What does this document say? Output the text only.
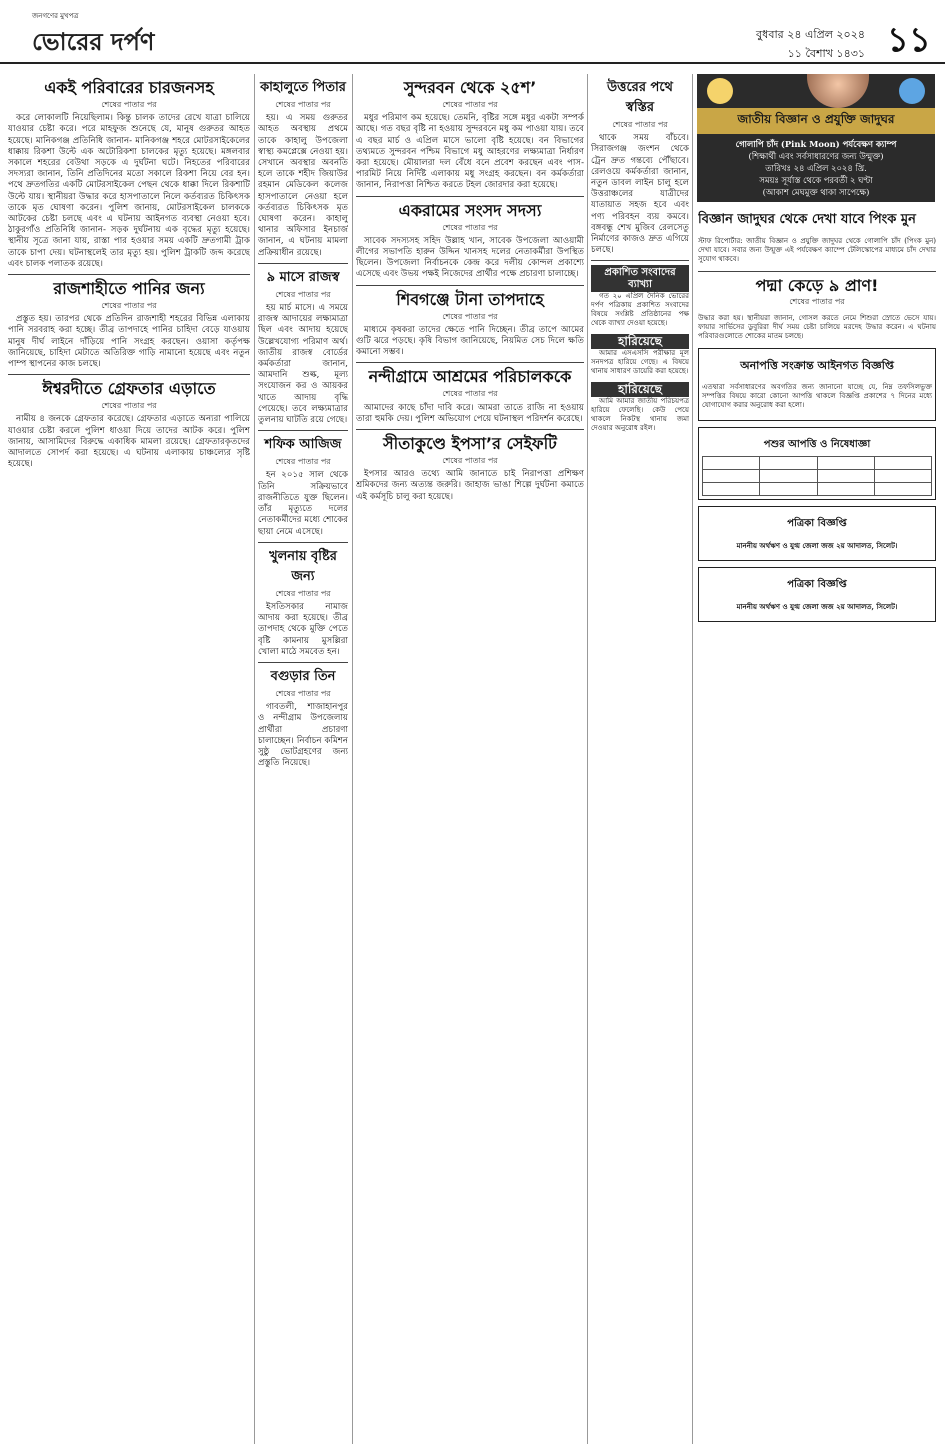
জনগণের মুখপত্র
ভোরের দর্পণ	বুধবার ২৪ এপ্রিল ২০২৪
১১ বৈশাখ ১৪৩১ ১১
একই পরিবারের চারজনসহ
শেষের পাতার পর

করে লোকালটি নিয়েছিলাম। কিন্তু চালক তাদের রেখে যাত্রা চালিয়ে যাওয়ার চেষ্টা করে। পরে মাহফুজ শুনেছে যে, মানুষ গুরুতর আহত হয়েছে। মানিকগঞ্জ প্রতিনিধি জানান- মানিকগঞ্জ শহরে মোটরসাইকেলের ধাক্কায় রিকশা উল্টে এক অটোরিকশা চালকের মৃত্যু হয়েছে। মঙ্গলবার সকালে শহরের বেউথা সড়কে এ দুর্ঘটনা ঘটে। নিহতের পরিবারের সদস্যরা জানান, তিনি প্রতিদিনের মতো সকালে রিকশা নিয়ে বের হন। পথে দ্রুতগতির একটি মোটরসাইকেল পেছন থেকে ধাক্কা দিলে রিকশাটি উল্টে যায়। স্থানীয়রা উদ্ধার করে হাসপাতালে নিলে কর্তব্যরত চিকিৎসক তাকে মৃত ঘোষণা করেন। পুলিশ জানায়, মোটরসাইকেল চালককে আটকের চেষ্টা চলছে এবং এ ঘটনায় আইনগত ব্যবস্থা নেওয়া হবে। ঠাকুরগাঁও প্রতিনিধি জানান- সড়ক দুর্ঘটনায় এক বৃদ্ধের মৃত্যু হয়েছে। স্থানীয় সূত্রে জানা যায়, রাস্তা পার হওয়ার সময় একটি দ্রুতগামী ট্রাক তাকে চাপা দেয়। ঘটনাস্থলেই তার মৃত্যু হয়। পুলিশ ট্রাকটি জব্দ করেছে এবং চালক পলাতক রয়েছে।

রাজশাহীতে পানির জন্য
শেষের পাতার পর

প্রস্তুত হয়। তারপর থেকে প্রতিদিন রাজশাহী শহরের বিভিন্ন এলাকায় পানি সরবরাহ করা হচ্ছে। তীব্র তাপদাহে পানির চাহিদা বেড়ে যাওয়ায় মানুষ দীর্ঘ লাইনে দাঁড়িয়ে পানি সংগ্রহ করছেন। ওয়াসা কর্তৃপক্ষ জানিয়েছে, চাহিদা মেটাতে অতিরিক্ত গাড়ি নামানো হয়েছে এবং নতুন পাম্প স্থাপনের কাজ চলছে।

ঈশ্বরদীতে গ্রেফতার এড়াতে
শেষের পাতার পর

নামীয় ৪ জনকে গ্রেফতার করেছে। গ্রেফতার এড়াতে অন্যরা পালিয়ে যাওয়ার চেষ্টা করলে পুলিশ ধাওয়া দিয়ে তাদের আটক করে। পুলিশ জানায়, আসামিদের বিরুদ্ধে একাধিক মামলা রয়েছে। গ্রেফতারকৃতদের আদালতে সোপর্দ করা হয়েছে। এ ঘটনায় এলাকায় চাঞ্চল্যের সৃষ্টি হয়েছে।

কাহালুতে পিতার
শেষের পাতার পর

হয়। এ সময় গুরুতর আহত অবস্থায় প্রথমে তাকে কাহালু উপজেলা স্বাস্থ্য কমপ্লেক্সে নেওয়া হয়। সেখানে অবস্থার অবনতি হলে তাকে শহীদ জিয়াউর রহমান মেডিকেল কলেজ হাসপাতালে নেওয়া হলে কর্তব্যরত চিকিৎসক মৃত ঘোষণা করেন। কাহালু থানার অফিসার ইনচার্জ জানান, এ ঘটনায় মামলা প্রক্রিয়াধীন রয়েছে।

৯ মাসে রাজস্ব
শেষের পাতার পর

হয় মার্চ মাসে। এ সময়ে রাজস্ব আদায়ের লক্ষ্যমাত্রা ছিল এবং আদায় হয়েছে উল্লেখযোগ্য পরিমাণ অর্থ। জাতীয় রাজস্ব বোর্ডের কর্মকর্তারা জানান, আমদানি শুল্ক, মূল্য সংযোজন কর ও আয়কর খাতে আদায় বৃদ্ধি পেয়েছে। তবে লক্ষ্যমাত্রার তুলনায় ঘাটতি রয়ে গেছে।

শফিক আজিজ
শেষের পাতার পর

হন ২০১৫ সাল থেকে তিনি সক্রিয়ভাবে রাজনীতিতে যুক্ত ছিলেন। তাঁর মৃত্যুতে দলের নেতাকর্মীদের মধ্যে শোকের ছায়া নেমে এসেছে।

খুলনায় বৃষ্টির জন্য
শেষের পাতার পর

ইসতিসকার নামাজ আদায় করা হয়েছে। তীব্র তাপদাহ থেকে মুক্তি পেতে বৃষ্টি কামনায় মুসল্লিরা খোলা মাঠে সমবেত হন।

বগুড়ার তিন
শেষের পাতার পর

গাবতলী, শাজাহানপুর ও নন্দীগ্রাম উপজেলায় প্রার্থীরা প্রচারণা চালাচ্ছেন। নির্বাচন কমিশন সুষ্ঠু ভোটগ্রহণের জন্য প্রস্তুতি নিয়েছে।

সুন্দরবন থেকে ২৫শ’
শেষের পাতার পর

মধুর পরিমাণ কম হয়েছে। তেমনি, বৃষ্টির সঙ্গে মধুর একটা সম্পর্ক আছে। গত বছর বৃষ্টি না হওয়ায় সুন্দরবনে মধু কম পাওয়া যায়। তবে এ বছর মার্চ ও এপ্রিল মাসে ভালো বৃষ্টি হয়েছে। বন বিভাগের তথ্যমতে সুন্দরবন পশ্চিম বিভাগে মধু আহরণের লক্ষ্যমাত্রা নির্ধারণ করা হয়েছে। মৌয়ালরা দল বেঁধে বনে প্রবেশ করছেন এবং পাস-পারমিট নিয়ে নির্দিষ্ট এলাকায় মধু সংগ্রহ করছেন। বন কর্মকর্তারা জানান, নিরাপত্তা নিশ্চিত করতে টহল জোরদার করা হয়েছে।

একরামের সংসদ সদস্য
শেষের পাতার পর

সাবেক সদস্যসহ সহিদ উল্লাহ খান, সাবেক উপজেলা আওয়ামী লীগের সভাপতি হারুন উদ্দিন খানসহ দলের নেতাকর্মীরা উপস্থিত ছিলেন। উপজেলা নির্বাচনকে কেন্দ্র করে দলীয় কোন্দল প্রকাশ্যে এসেছে এবং উভয় পক্ষই নিজেদের প্রার্থীর পক্ষে প্রচারণা চালাচ্ছে।

শিবগঞ্জে টানা তাপদাহে
শেষের পাতার পর

মাধ্যমে কৃষকরা তাদের ক্ষেতে পানি দিচ্ছেন। তীব্র তাপে আমের গুটি ঝরে পড়ছে। কৃষি বিভাগ জানিয়েছে, নিয়মিত সেচ দিলে ক্ষতি কমানো সম্ভব।

নন্দীগ্রামে আশ্রমের পরিচালককে
শেষের পাতার পর

আমাদের কাছে চাঁদা দাবি করে। আমরা তাতে রাজি না হওয়ায় তারা হুমকি দেয়। পুলিশ অভিযোগ পেয়ে ঘটনাস্থল পরিদর্শন করেছে।

সীতাকুণ্ডে ইপসা’র সেইফটি
শেষের পাতার পর

ইপসার আরও তথ্যে আমি জানাতে চাই নিরাপত্তা প্রশিক্ষণ শ্রমিকদের জন্য অত্যন্ত জরুরি। জাহাজ ভাঙা শিল্পে দুর্ঘটনা কমাতে এই কর্মসূচি চালু করা হয়েছে।

উত্তরের পথে স্বস্তির
শেষের পাতার পর

থাকে সময় বাঁচবে। সিরাজগঞ্জ জংশন থেকে ট্রেন দ্রুত গন্তব্যে পৌঁছাবে। রেলওয়ে কর্মকর্তারা জানান, নতুন ডাবল লাইন চালু হলে উত্তরাঞ্চলের যাত্রীদের যাতায়াত সহজ হবে এবং পণ্য পরিবহন ব্যয় কমবে। বঙ্গবন্ধু শেখ মুজিব রেলসেতু নির্মাণের কাজও দ্রুত এগিয়ে চলছে।

প্রকাশিত সংবাদের ব্যাখ্যা

গত ২০ এপ্রিল দৈনিক ভোরের দর্পণ পত্রিকায় প্রকাশিত সংবাদের বিষয়ে সংশ্লিষ্ট প্রতিষ্ঠানের পক্ষ থেকে ব্যাখ্যা দেওয়া হয়েছে।

হারিয়েছে

আমার এসএসসি পরীক্ষার মূল সনদপত্র হারিয়ে গেছে। এ বিষয়ে থানায় সাধারণ ডায়েরি করা হয়েছে।

হারিয়েছে

আমি আমার জাতীয় পরিচয়পত্র হারিয়ে ফেলেছি। কেউ পেয়ে থাকলে নিকটস্থ থানায় জমা দেওয়ার অনুরোধ রইল।

জাতীয় বিজ্ঞান ও প্রযুক্তি জাদুঘর
গোলাপি চাঁদ (Pink Moon) পর্যবেক্ষণ ক্যাম্প
(শিক্ষার্থী এবং সর্বসাধারণের জন্য উন্মুক্ত)
তারিখঃ ২৪ এপ্রিল ২০২৪ খ্রি.
সময়ঃ সূর্যাস্ত থেকে পরবর্তী ২ ঘণ্টা
(আকাশ মেঘমুক্ত থাকা সাপেক্ষে)
বিজ্ঞান জাদুঘর থেকে দেখা যাবে পিংক মুন

স্টাফ রিপোর্টার: জাতীয় বিজ্ঞান ও প্রযুক্তি জাদুঘর থেকে গোলাপি চাঁদ (পিংক মুন) দেখা যাবে। সবার জন্য উন্মুক্ত এই পর্যবেক্ষণ ক্যাম্পে টেলিস্কোপের মাধ্যমে চাঁদ দেখার সুযোগ থাকবে।

পদ্মা কেড়ে ৯ প্রাণ!
শেষের পাতার পর

উদ্ধার করা হয়। স্থানীয়রা জানান, গোসল করতে নেমে শিশুরা স্রোতে ভেসে যায়। ফায়ার সার্ভিসের ডুবুরিরা দীর্ঘ সময় চেষ্টা চালিয়ে মরদেহ উদ্ধার করেন। এ ঘটনায় পরিবারগুলোতে শোকের মাতম চলছে।

অনাপত্তি সংক্রান্ত আইনগত বিজ্ঞপ্তি

এতদ্বারা সর্বসাধারণের অবগতির জন্য জানানো যাচ্ছে যে, নিম্ন তফসিলভুক্ত সম্পত্তির বিষয়ে কারো কোনো আপত্তি থাকলে বিজ্ঞপ্তি প্রকাশের ৭ দিনের মধ্যে যোগাযোগ করার অনুরোধ করা হলো।

পশুর আপত্তি ও নিষেধাজ্ঞা

পত্রিকা বিজ্ঞপ্তি

মাননীয় অর্থঋণ ও যুগ্ম জেলা জজ ২য় আদালত, সিলেট।

পত্রিকা বিজ্ঞপ্তি

মাননীয় অর্থঋণ ও যুগ্ম জেলা জজ ২য় আদালত, সিলেট।
